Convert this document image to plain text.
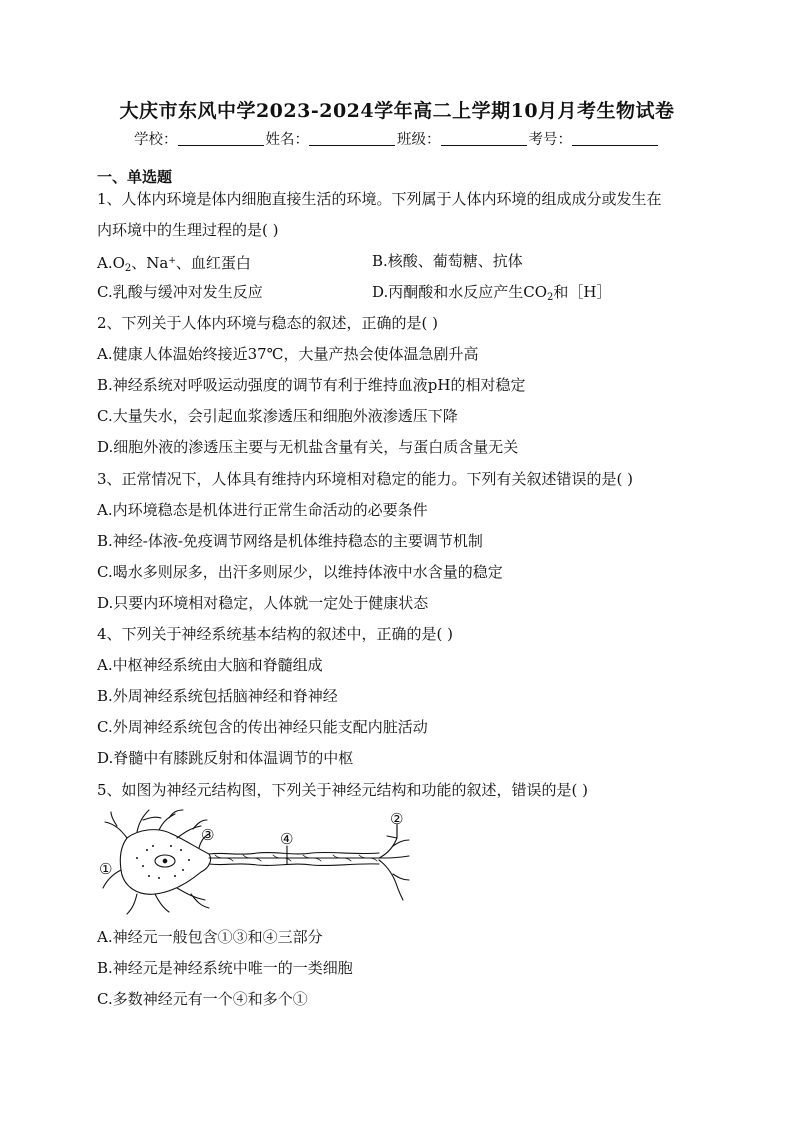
大庆市东风中学2023-2024学年高二上学期10月月考生物试卷
学校：	姓名：	班级：	考号：
一、单选题
1、人体内环境是体内细胞直接生活的环境。下列属于人体内环境的组成成分或发生在
内环境中的生理过程的是( )
$A.O_2$、Na+、血红蛋白	B.核酸、葡萄糖、抗体
C.乳酸与缓冲对发生反应	D.丙酮酸和水反应产生$CO_2$和［H］
2、下列关于人体内环境与稳态的叙述，正确的是( )
A.健康人体温始终接近37℃，大量产热会使体温急剧升高
B.神经系统对呼吸运动强度的调节有利于维持血液pH的相对稳定
C.大量失水，会引起血浆渗透压和细胞外液渗透压下降
D.细胞外液的渗透压主要与无机盐含量有关，与蛋白质含量无关
3、正常情况下，人体具有维持内环境相对稳定的能力。下列有关叙述错误的是( )
A.内环境稳态是机体进行正常生命活动的必要条件
B.神经-体液-免疫调节网络是机体维持稳态的主要调节机制
C.喝水多则尿多，出汗多则尿少，以维持体液中水含量的稳定
D.只要内环境相对稳定，人体就一定处于健康状态
4、下列关于神经系统基本结构的叙述中，正确的是( )
A.中枢神经系统由大脑和脊髓组成
B.外周神经系统包括脑神经和脊神经
C.外周神经系统包含的传出神经只能支配内脏活动
D.脊髓中有膝跳反射和体温调节的中枢
5、如图为神经元结构图，下列关于神经元结构和功能的叙述，错误的是( )
①
②
③	④
A.神经元一般包含①③和④三部分
B.神经元是神经系统中唯一的一类细胞
C.多数神经元有一个④和多个①
